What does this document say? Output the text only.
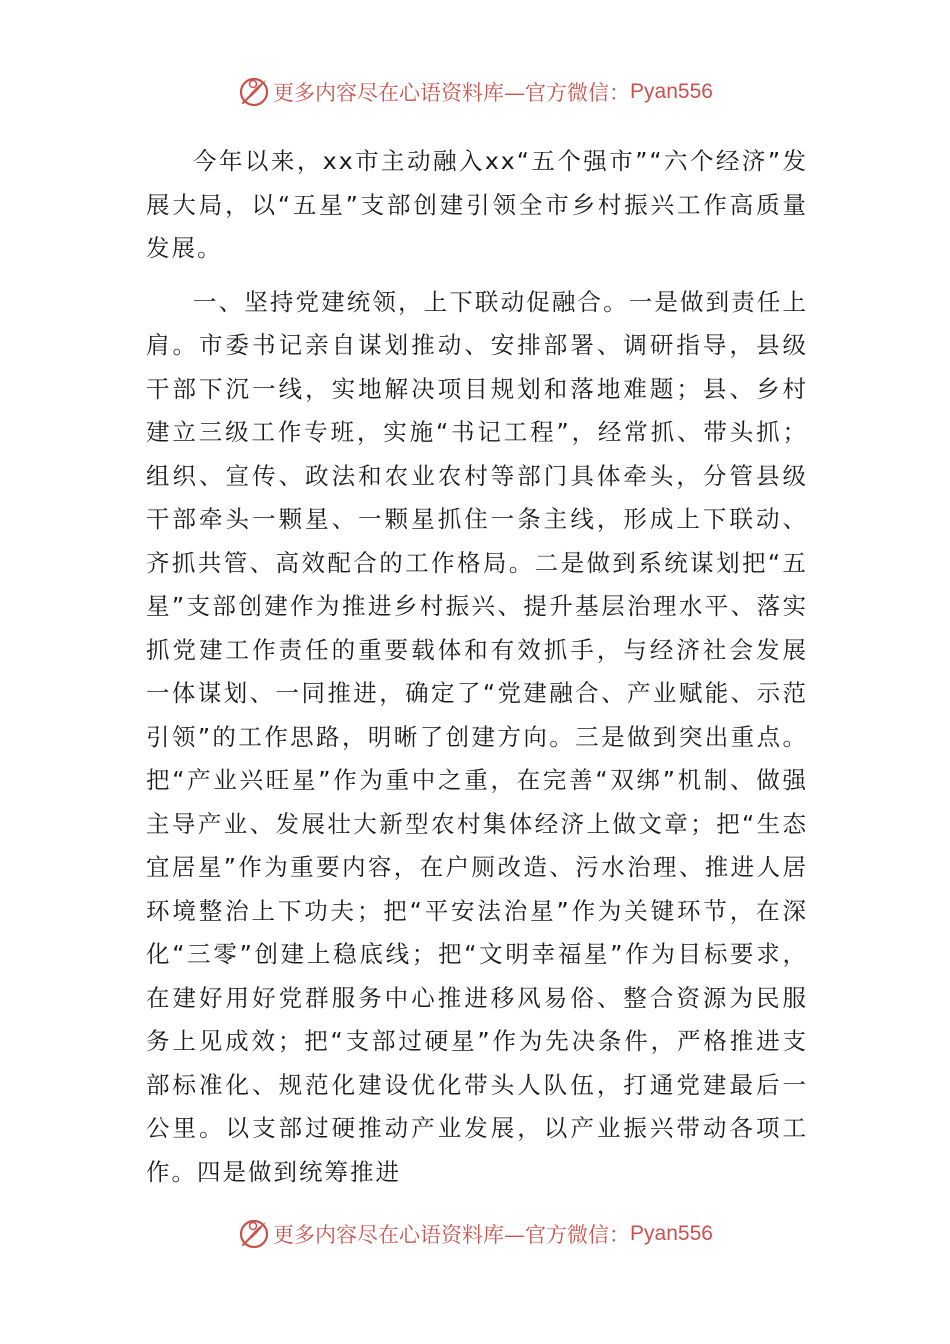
更多内容尽在心语资料库—官方微信： Pyan556

今年以来，xx市主动融入xx“五个强市”“六个经济”发展大局，以“五星”支部创建引领全市乡村振兴工作高质量发展。

一、坚持党建统领，上下联动促融合。一是做到责任上肩。市委书记亲自谋划推动、安排部署、调研指导，县级干部下沉一线，实地解决项目规划和落地难题；县、乡村建立三级工作专班，实施“书记工程”，经常抓、带头抓；组织、宣传、政法和农业农村等部门具体牵头，分管县级干部牵头一颗星、一颗星抓住一条主线，形成上下联动、齐抓共管、高效配合的工作格局。二是做到系统谋划把“五星”支部创建作为推进乡村振兴、提升基层治理水平、落实抓党建工作责任的重要载体和有效抓手，与经济社会发展一体谋划、一同推进，确定了“党建融合、产业赋能、示范引领”的工作思路，明晰了创建方向。三是做到突出重点。把“产业兴旺星”作为重中之重，在完善“双绑”机制、做强主导产业、发展壮大新型农村集体经济上做文章；把“生态宜居星”作为重要内容，在户厕改造、污水治理、推进人居环境整治上下功夫；把“平安法治星”作为关键环节，在深化“三零”创建上稳底线；把“文明幸福星”作为目标要求，在建好用好党群服务中心推进移风易俗、整合资源为民服务上见成效；把“支部过硬星”作为先决条件，严格推进支部标准化、规范化建设优化带头人队伍，打通党建最后一公里。以支部过硬推动产业发展，以产业振兴带动各项工作。四是做到统筹推进

更多内容尽在心语资料库—官方微信： Pyan556
